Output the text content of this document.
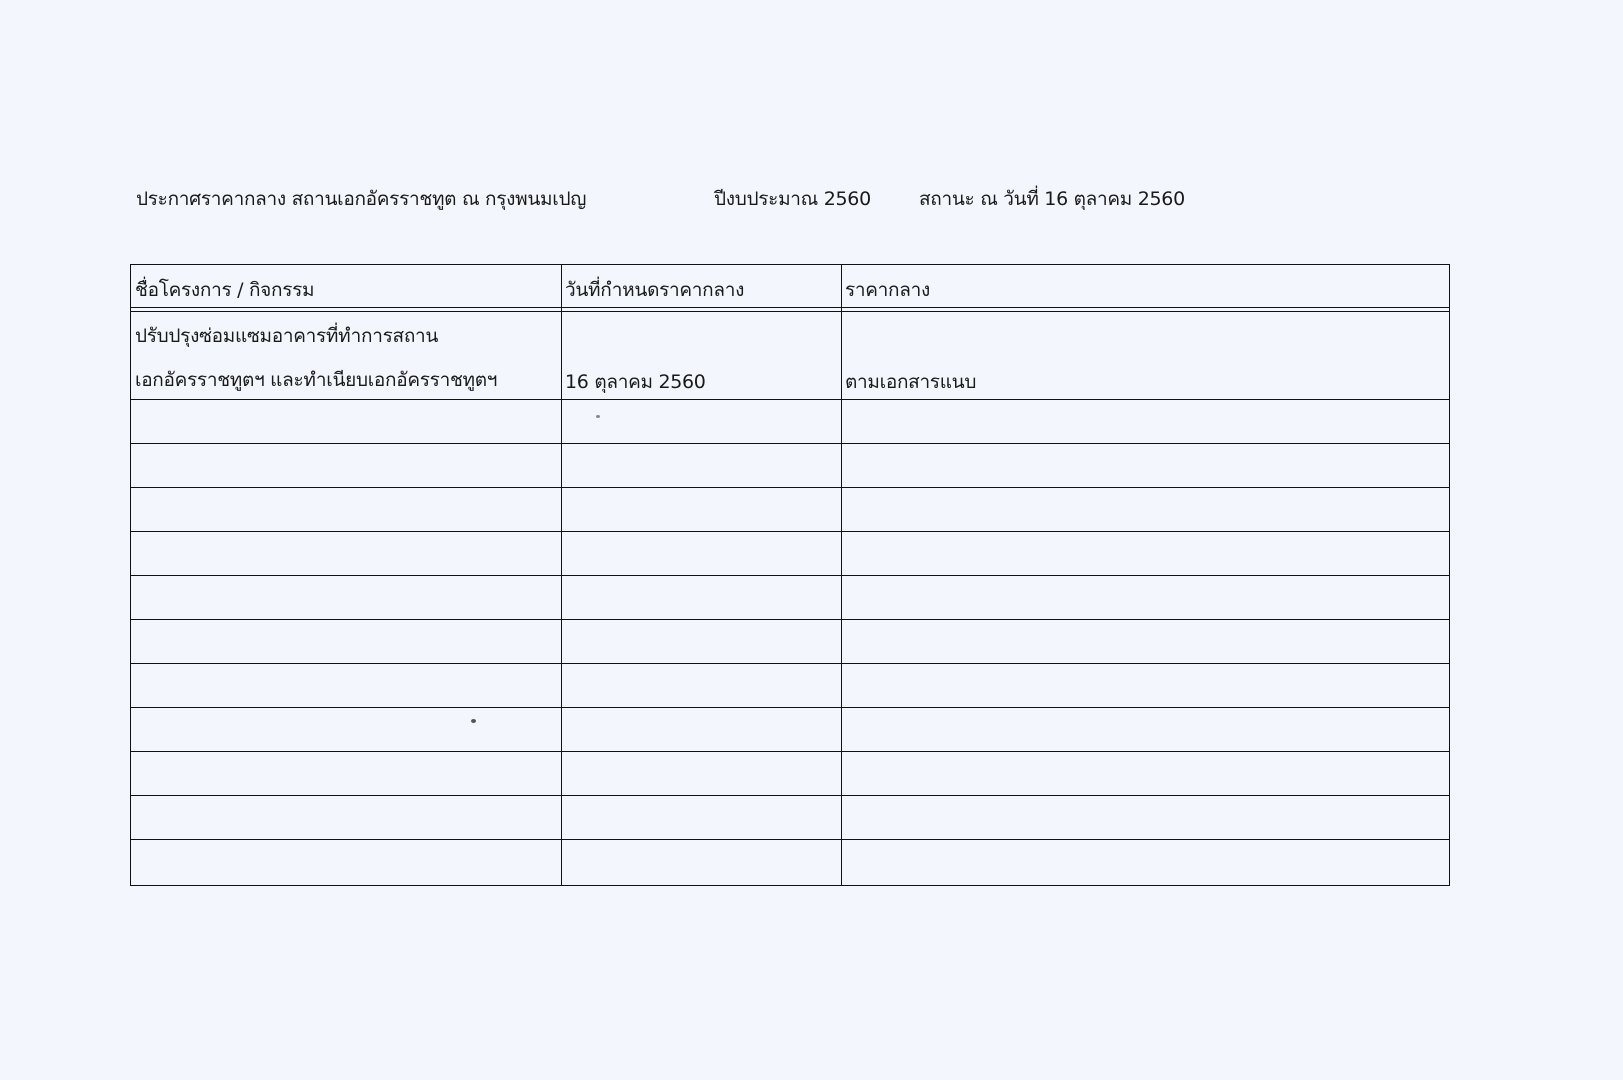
ประกาศราคากลาง สถานเอกอัครราชทูต ณ กรุงพนมเปญ	ปีงบประมาณ 2560	สถานะ ณ วันที่ 16 ตุลาคม 2560
ชื่อโครงการ / กิจกรรม	วันที่กำหนดราคากลาง	ราคากลาง
ปรับปรุงซ่อมแซมอาคารที่ทำการสถาน
เอกอัครราชทูตฯ และทำเนียบเอกอัครราชทูตฯ	16 ตุลาคม 2560	ตามเอกสารแนบ
